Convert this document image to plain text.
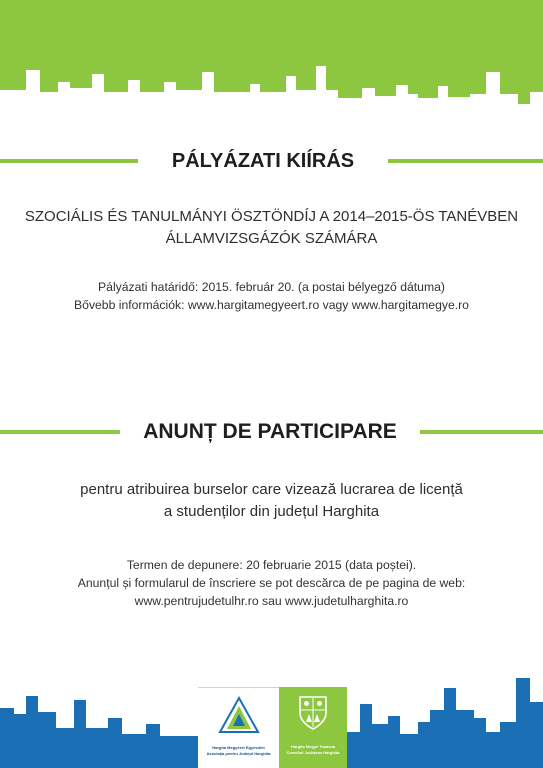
PÁLYÁZATI KIÍRÁS
SZOCIÁLIS ÉS TANULMÁNYI ÖSZTÖNDÍJ A 2014–2015-ÖS TANÉVBEN
ÁLLAMVIZSGÁZÓK SZÁMÁRA
Pályázati határidő: 2015. február 20. (a postai bélyegző dátuma)
Bővebb információk: www.hargitamegyeert.ro vagy www.hargitamegye.ro
ANUNȚ DE PARTICIPARE
pentru atribuirea burselor care vizează lucrarea de licență
a studenților din județul Harghita
Termen de depunere: 20 februarie 2015 (data poștei).
Anunțul și formularul de înscriere se pot descărca de pe pagina de web:
www.pentrujudetulhr.ro sau www.judetulharghita.ro
Hargita Megyéért Egyesület
Asociația pentru Județul Harghita
Hargita Megye Tanácsa
Consiliul Județean Harghita
